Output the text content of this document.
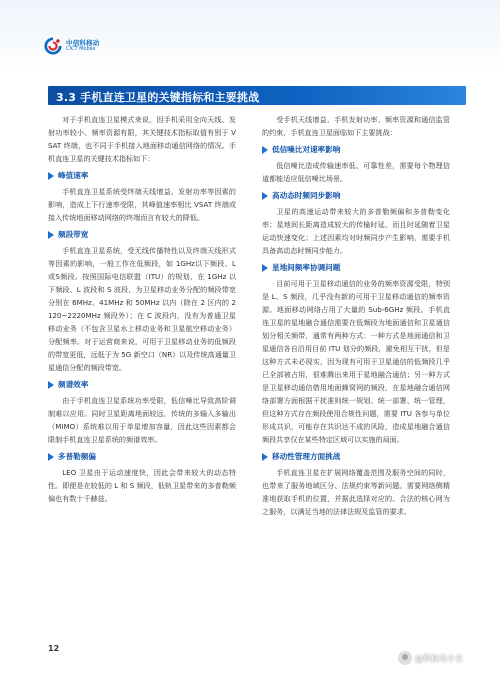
中信科移动
CICT Mobile
3.3 手机直连卫星的关键指标和主要挑战

对于手机直连卫星模式来说，因手机采用全向天线、发射功率较小、频率资源有限，其关键技术指标取值有别于 VSAT 终端，也不同于手机接入地面移动通信网络的情况。手机直连卫星的关键技术指标如下：

峰值速率

手机直连卫星系统受终端天线增益、发射功率等因素的影响，造成上下行速率受限，其峰值速率相比 VSAT 终端或接入传统地面移动网络的终端而言有较大的降低。

频段带宽

手机直连卫星系统，受无线传播特性以及终端天线形式等因素的影响，一般工作在低频段，如 1GHz以下频段、L或S频段。按照国际电信联盟（ITU）的规划，在 1GHz 以下频段、L 波段和 S 波段，为卫星移动业务分配的频段带宽分别在 6MHz、41MHz 和 50MHz 以内（除在 2 区内的 2120~2220MHz 频段外）；在 C 波段内，没有为普通卫星移动业务（不包含卫星水上移动业务和卫星航空移动业务）分配频率。对于运营商来说，可用于卫星移动业务的低频段的带宽更低，远低于为 5G 新空口（NR）以及传统高通量卫星通信分配的频段带宽。

频谱效率

由于手机直连卫星系统功率受限，低信噪比导致高阶调制难以应用。同时卫星距离地面较远，传统的多输入多输出（MIMO）系统难以用于单星增加容量，因此这些因素都会限制手机直连卫星系统的频谱效率。

多普勒频偏

LEO 卫星由于运动速度快，因此会带来较大的动态特性。即便是在较低的 L 和 S 频段，低轨卫星带来的多普勒频偏也有数十千赫兹。

受手机天线增益、手机发射功率、频率资源和通信监管的约束，手机直连卫星面临如下主要挑战：

低信噪比对速率影响

低信噪比造成传输速率低、可靠性差，需要每个物理信道都能适应低信噪比场景。

高动态时频同步影响

卫星的高速运动带来较大的多普勒频偏和多普勒变化率；星地间长距离造成较大的传输时延，而且时延随着卫星运动快速变化；上述因素均对时频同步产生影响，需要手机具备高动态时频同步能力。

星地间频率协调问题

目前可用于卫星移动通信的业务的频率资源受限，特别是 L、S 频段，几乎没有新的可用于卫星移动通信的频率资源。地面移动网络占用了大量的 Sub-6GHz 频段。手机直连卫星的星地融合通信需要在低频段为地面通信和卫星通信划分相关频带，通常有两种方式：一种方式是地面通信和卫星通信各自沿用目前 ITU 划分的频段，避免相互干扰，但是这种方式未必现实，因为现有可用于卫星通信的低频段几乎已全部被占用，很难腾出来用于星地融合通信；另一种方式是卫星移动通信借用地面蜂窝网的频段，在星地融合通信网络部署方面根据干扰准则统一规划、统一部署、统一管理，但这种方式存在频段使用合规性问题，需要 ITU 各参与单位形成共识，可能存在共识达不成的风险，造成星地融合通信频段共享仅在某些特定区域可以实施的局面。

移动性管理方面挑战

手机直连卫星在扩展网络覆盖范围及服务空间的同时，也带来了服务地域区分、法规约束等新问题。需要网络侧精准地获取手机的位置，并据此选择对应的、合法的核心网为之服务，以满足当地的法律法规及监管的要求。

12
@科技先小言
